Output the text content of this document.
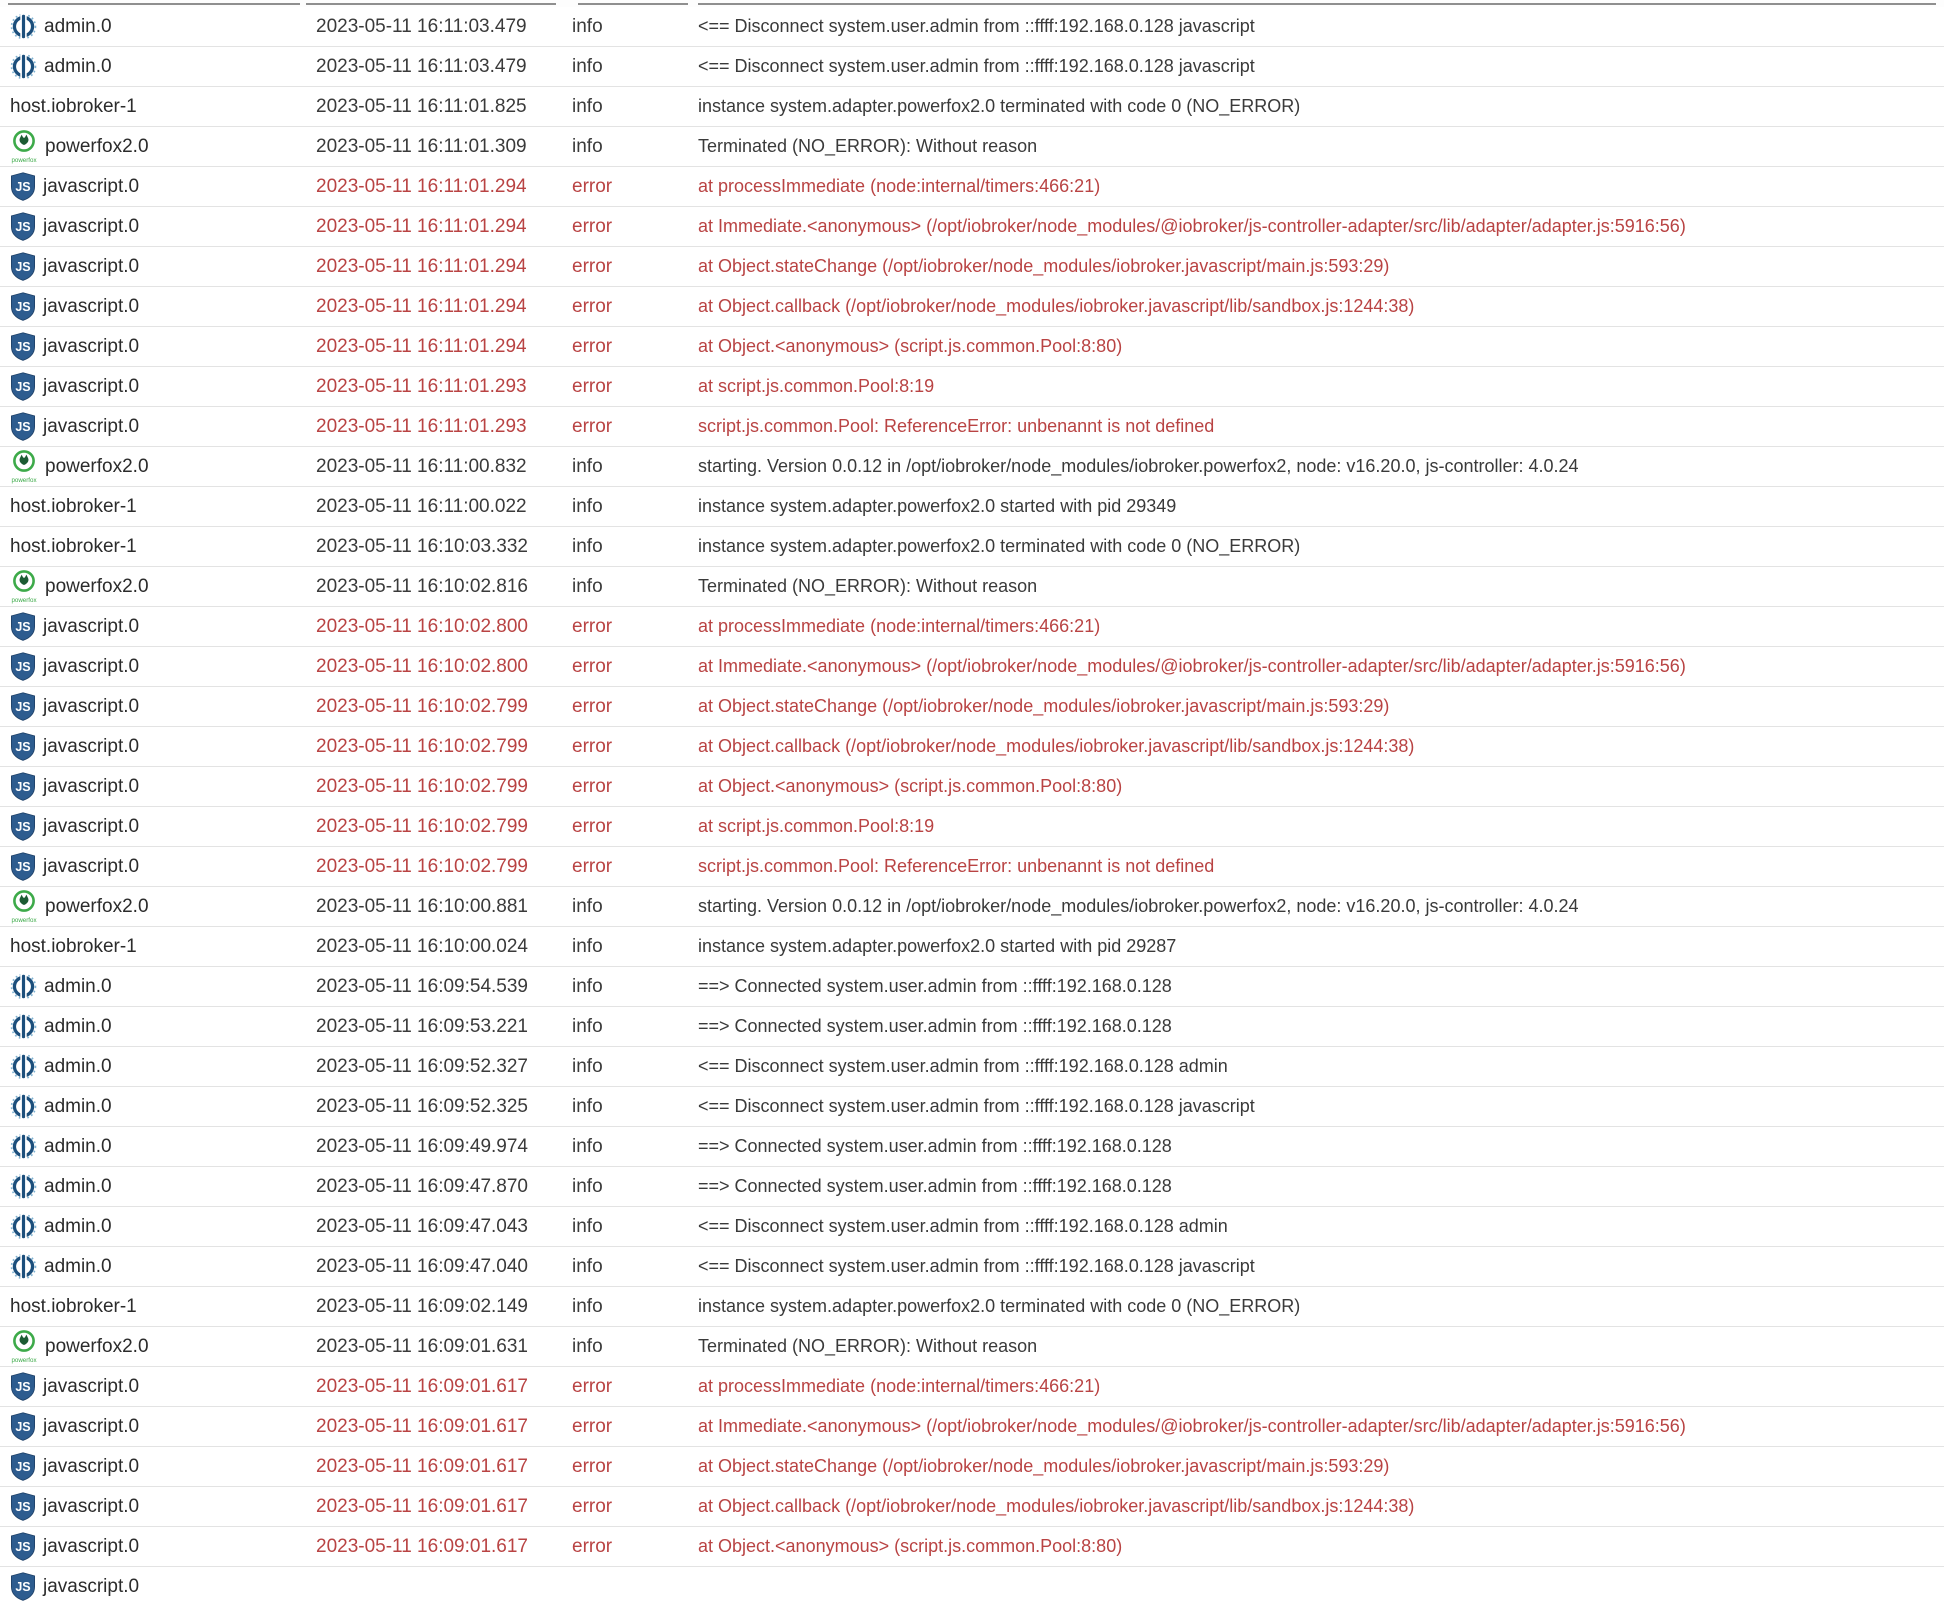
admin.0	2023-05-11 16:11:03.479	info	<== Disconnect system.user.admin from ::ffff:192.168.0.128 javascript
admin.0	2023-05-11 16:11:03.479	info	<== Disconnect system.user.admin from ::ffff:192.168.0.128 javascript
host.iobroker-1	2023-05-11 16:11:01.825	info	instance system.adapter.powerfox2.0 terminated with code 0 (NO_ERROR)
powerfox
powerfox2.0	2023-05-11 16:11:01.309	info	Terminated (NO_ERROR): Without reason
JS javascript.0	2023-05-11 16:11:01.294	error	at processImmediate (node:internal/timers:466:21)
JS javascript.0	2023-05-11 16:11:01.294	error	at Immediate.<anonymous> (/opt/iobroker/node_modules/@iobroker/js-controller-adapter/src/lib/adapter/adapter.js:5916:56)
JS javascript.0	2023-05-11 16:11:01.294	error	at Object.stateChange (/opt/iobroker/node_modules/iobroker.javascript/main.js:593:29)
JS javascript.0	2023-05-11 16:11:01.294	error	at Object.callback (/opt/iobroker/node_modules/iobroker.javascript/lib/sandbox.js:1244:38)
JS javascript.0	2023-05-11 16:11:01.294	error	at Object.<anonymous> (script.js.common.Pool:8:80)
JS javascript.0	2023-05-11 16:11:01.293	error	at script.js.common.Pool:8:19
JS javascript.0	2023-05-11 16:11:01.293	error	script.js.common.Pool: ReferenceError: unbenannt is not defined
powerfox
powerfox2.0	2023-05-11 16:11:00.832	info	starting. Version 0.0.12 in /opt/iobroker/node_modules/iobroker.powerfox2, node: v16.20.0, js-controller: 4.0.24
host.iobroker-1	2023-05-11 16:11:00.022	info	instance system.adapter.powerfox2.0 started with pid 29349
host.iobroker-1	2023-05-11 16:10:03.332	info	instance system.adapter.powerfox2.0 terminated with code 0 (NO_ERROR)
powerfox
powerfox2.0	2023-05-11 16:10:02.816	info	Terminated (NO_ERROR): Without reason
JS javascript.0	2023-05-11 16:10:02.800	error	at processImmediate (node:internal/timers:466:21)
JS javascript.0	2023-05-11 16:10:02.800	error	at Immediate.<anonymous> (/opt/iobroker/node_modules/@iobroker/js-controller-adapter/src/lib/adapter/adapter.js:5916:56)
JS javascript.0	2023-05-11 16:10:02.799	error	at Object.stateChange (/opt/iobroker/node_modules/iobroker.javascript/main.js:593:29)
JS javascript.0	2023-05-11 16:10:02.799	error	at Object.callback (/opt/iobroker/node_modules/iobroker.javascript/lib/sandbox.js:1244:38)
JS javascript.0	2023-05-11 16:10:02.799	error	at Object.<anonymous> (script.js.common.Pool:8:80)
JS javascript.0	2023-05-11 16:10:02.799	error	at script.js.common.Pool:8:19
JS javascript.0	2023-05-11 16:10:02.799	error	script.js.common.Pool: ReferenceError: unbenannt is not defined
powerfox
powerfox2.0	2023-05-11 16:10:00.881	info	starting. Version 0.0.12 in /opt/iobroker/node_modules/iobroker.powerfox2, node: v16.20.0, js-controller: 4.0.24
host.iobroker-1	2023-05-11 16:10:00.024	info	instance system.adapter.powerfox2.0 started with pid 29287
admin.0	2023-05-11 16:09:54.539	info	==> Connected system.user.admin from ::ffff:192.168.0.128
admin.0	2023-05-11 16:09:53.221	info	==> Connected system.user.admin from ::ffff:192.168.0.128
admin.0	2023-05-11 16:09:52.327	info	<== Disconnect system.user.admin from ::ffff:192.168.0.128 admin
admin.0	2023-05-11 16:09:52.325	info	<== Disconnect system.user.admin from ::ffff:192.168.0.128 javascript
admin.0	2023-05-11 16:09:49.974	info	==> Connected system.user.admin from ::ffff:192.168.0.128
admin.0	2023-05-11 16:09:47.870	info	==> Connected system.user.admin from ::ffff:192.168.0.128
admin.0	2023-05-11 16:09:47.043	info	<== Disconnect system.user.admin from ::ffff:192.168.0.128 admin
admin.0	2023-05-11 16:09:47.040	info	<== Disconnect system.user.admin from ::ffff:192.168.0.128 javascript
host.iobroker-1	2023-05-11 16:09:02.149	info	instance system.adapter.powerfox2.0 terminated with code 0 (NO_ERROR)
powerfox
powerfox2.0	2023-05-11 16:09:01.631	info	Terminated (NO_ERROR): Without reason
JS javascript.0	2023-05-11 16:09:01.617	error	at processImmediate (node:internal/timers:466:21)
JS javascript.0	2023-05-11 16:09:01.617	error	at Immediate.<anonymous> (/opt/iobroker/node_modules/@iobroker/js-controller-adapter/src/lib/adapter/adapter.js:5916:56)
JS javascript.0	2023-05-11 16:09:01.617	error	at Object.stateChange (/opt/iobroker/node_modules/iobroker.javascript/main.js:593:29)
JS javascript.0	2023-05-11 16:09:01.617	error	at Object.callback (/opt/iobroker/node_modules/iobroker.javascript/lib/sandbox.js:1244:38)
JS javascript.0	2023-05-11 16:09:01.617	error	at Object.<anonymous> (script.js.common.Pool:8:80)
JS javascript.0
